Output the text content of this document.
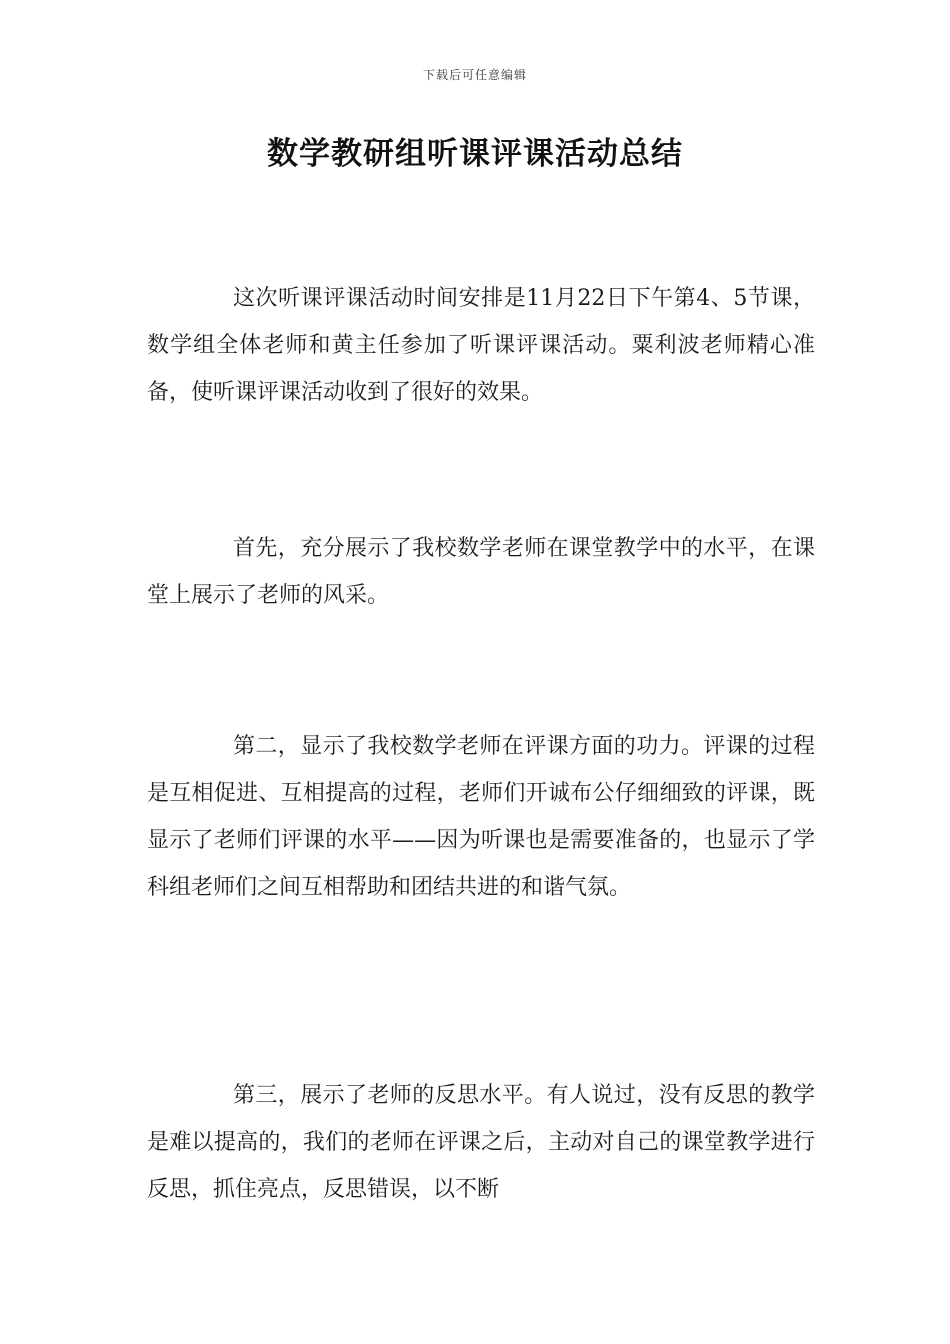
下载后可任意编辑
数学教研组听课评课活动总结

这次听课评课活动时间安排是11月22日下午第4、5节课，数学组全体老师和黄主任参加了听课评课活动。粟利波老师精心准备，使听课评课活动收到了很好的效果。

首先，充分展示了我校数学老师在课堂教学中的水平，在课堂上展示了老师的风采。

第二，显示了我校数学老师在评课方面的功力。评课的过程是互相促进、互相提高的过程，老师们开诚布公仔细细致的评课，既显示了老师们评课的水平——因为听课也是需要准备的，也显示了学科组老师们之间互相帮助和团结共进的和谐气氛。

第三，展示了老师的反思水平。有人说过，没有反思的教学是难以提高的，我们的老师在评课之后，主动对自己的课堂教学进行反思，抓住亮点，反思错误，以不断
